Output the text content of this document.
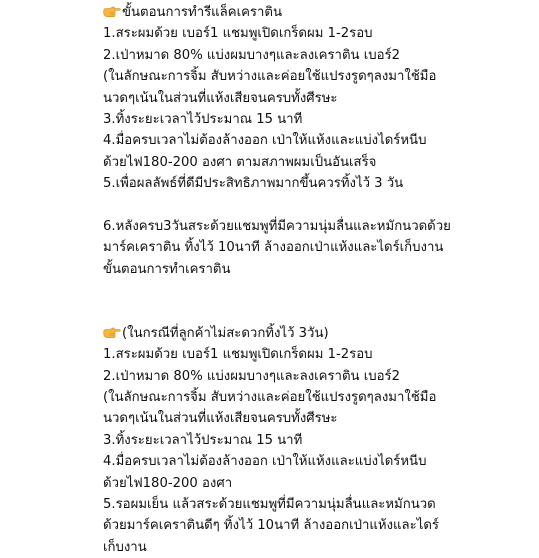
ขั้นตอนการทำรีแล็คเคราติน
1.สระผมด้วย เบอร์1 แชมพูเปิดเกร็ดผม 1-2รอบ
2.เป่าหมาด 80% แบ่งผมบางๆและลงเคราติน เบอร์2
(ในลักษณะการจิ้ม สับหว่างและค่อยใช้แปรงรูดๆลงมาใช้มือ
นวดๆเน้นในส่วนที่แห้งเสียจนครบทั้งศีรษะ
3.ทิ้งระยะเวลาไว้ประมาณ 15 นาที
4.มื่อครบเวลาไม่ต้องล้างออก เป่าให้แห้งและแบ่งไดร์หนีบ
ด้วยไฟ180-200 องศา ตามสภาพผมเป็นอันเสร็จ
5.เพื่อผลลัพธ์ที่ดีมีประสิทธิภาพมากขึ้นควรทิ้งไว้ 3 วัน
6.หลังครบ3วันสระด้วยแชมพูที่มีความนุ่มลื่นและหมักนวดด้วย
มาร์คเคราติน ทิ้งไว้ 10นาที ล้างออกเป่าแห้งและไดร์เก็บงาน
ขั้นตอนการทำเคราติน
(ในกรณีที่ลูกค้าไม่สะดวกทิ้งไว้ 3วัน)
1.สระผมด้วย เบอร์1 แชมพูเปิดเกร็ดผม 1-2รอบ
2.เป่าหมาด 80% แบ่งผมบางๆและลงเคราติน เบอร์2
(ในลักษณะการจิ้ม สับหว่างและค่อยใช้แปรงรูดๆลงมาใช้มือ
นวดๆเน้นในส่วนที่แห้งเสียจนครบทั้งศีรษะ
3.ทิ้งระยะเวลาไว้ประมาณ 15 นาที
4.มื่อครบเวลาไม่ต้องล้างออก เป่าให้แห้งและแบ่งไดร์หนีบ
ด้วยไฟ180-200 องศา
5.รอผมเย็น แล้วสระด้วยแชมพูที่มีความนุ่มลื่นและหมักนวด
ด้วยมาร์คเคราตินดีๆ ทิ้งไว้ 10นาที ล้างออกเป่าแห้งและไดร์
เก็บงาน
